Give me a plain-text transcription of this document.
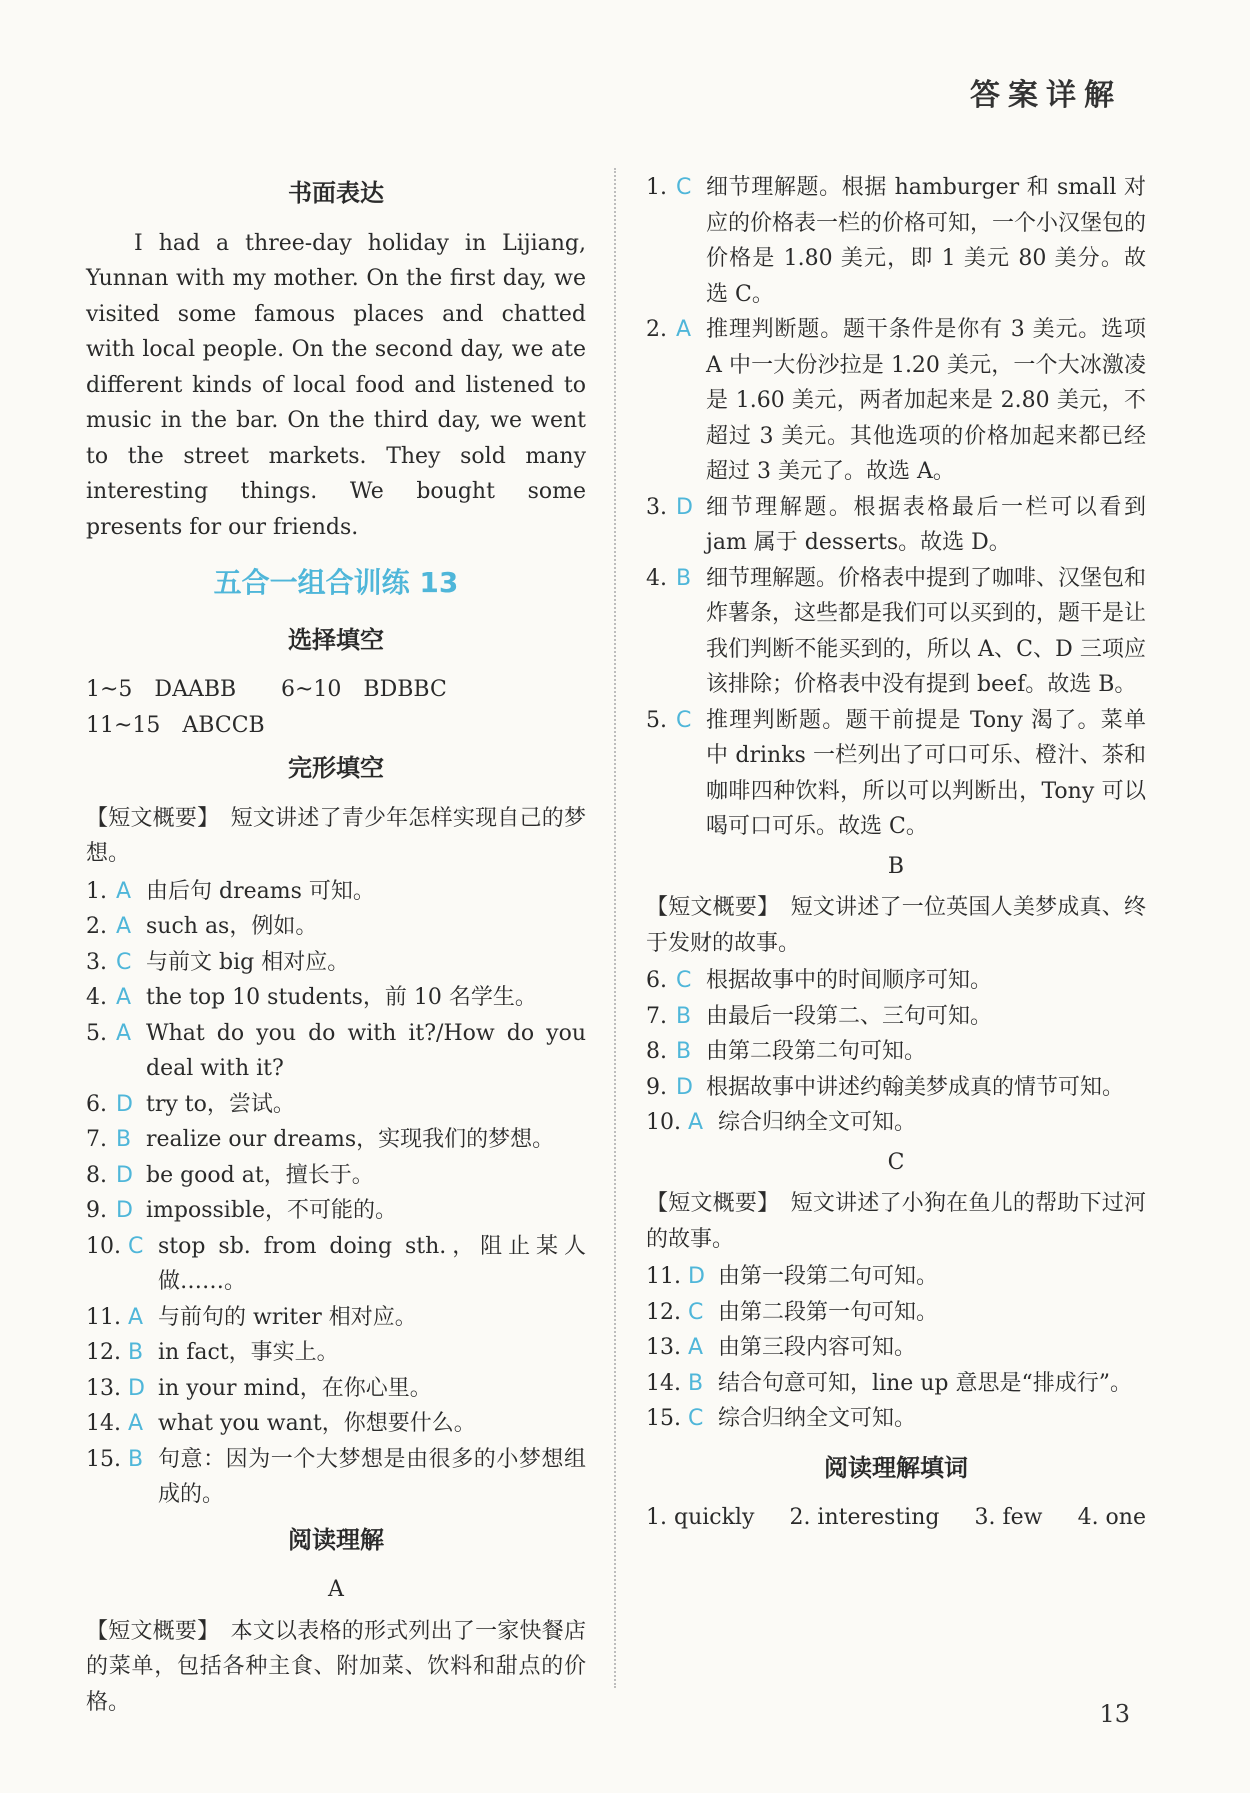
答案详解
书面表达

I had a three-day holiday in Lijiang, Yunnan with my mother. On the first day, we visited some famous places and chatted with local people. On the second day, we ate different kinds of local food and listened to music in the bar. On the third day, we went to the street markets. They sold many interesting things. We bought some presents for our friends.

五合一组合训练 13
选择填空
1~5　DAABB 6~10　BDBBC
11~15　ABCCB
完形填空

【短文概要】　 短文讲述了青少年怎样实现自己的梦想。

1. A 由后句 dreams 可知。
2. A such as，例如。
3. C 与前文 big 相对应。
4. A the top 10 students，前 10 名学生。
5. A What do you do with it?/How do you deal with it?
6. D try to，尝试。
7. B realize our dreams，实现我们的梦想。
8. D be good at，擅长于。
9. D impossible，不可能的。
10. C stop sb. from doing sth.，阻止某人做……。
11. A 与前句的 writer 相对应。
12. B in fact，事实上。
13. D in your mind，在你心里。
14. A what you want，你想要什么。
15. B 句意：因为一个大梦想是由很多的小梦想组成的。
阅读理解
A

【短文概要】　 本文以表格的形式列出了一家快餐店的菜单，包括各种主食、附加菜、饮料和甜点的价格。

1. C 细节理解题。根据 hamburger 和 small 对应的价格表一栏的价格可知，一个小汉堡包的价格是 1.80 美元，即 1 美元 80 美分。故选 C。
2. A 推理判断题。题干条件是你有 3 美元。选项 A 中一大份沙拉是 1.20 美元，一个大冰激凌是 1.60 美元，两者加起来是 2.80 美元，不超过 3 美元。其他选项的价格加起来都已经超过 3 美元了。故选 A。
3. D 细节理解题。根据表格最后一栏可以看到 jam 属于 desserts。故选 D。
4. B 细节理解题。价格表中提到了咖啡、汉堡包和炸薯条，这些都是我们可以买到的，题干是让我们判断不能买到的，所以 A、C、D 三项应该排除；价格表中没有提到 beef。故选 B。
5. C 推理判断题。题干前提是 Tony 渴了。菜单中 drinks 一栏列出了可口可乐、橙汁、茶和咖啡四种饮料，所以可以判断出，Tony 可以喝可口可乐。故选 C。
B

【短文概要】　 短文讲述了一位英国人美梦成真、终于发财的故事。

6. C 根据故事中的时间顺序可知。
7. B 由最后一段第二、三句可知。
8. B 由第二段第二句可知。
9. D 根据故事中讲述约翰美梦成真的情节可知。
10. A 综合归纳全文可知。
C

【短文概要】　 短文讲述了小狗在鱼儿的帮助下过河的故事。

11. D 由第一段第二句可知。
12. C 由第二段第一句可知。
13. A 由第三段内容可知。
14. B 结合句意可知，line up 意思是“排成行”。
15. C 综合归纳全文可知。
阅读理解填词
1. quickly 2. interesting 3. few 4. one
13
